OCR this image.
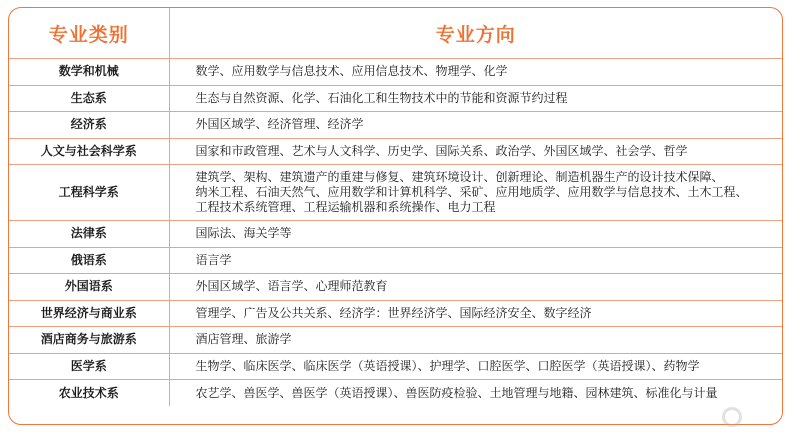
专业类别	专业方向
数学和机械	数学、应用数学与信息技术、应用信息技术、物理学、化学

生态系	生态与自然资源、化学、石油化工和生物技术中的节能和资源节约过程

经济系	外国区域学、经济管理、经济学

人文与社会科学系	国家和市政管理、艺术与人文科学、历史学、国际关系、政治学、外国区域学、社会学、哲学

工程科学系	建筑学、架构、建筑遗产的重建与修复、建筑环境设计、创新理论、制造机器生产的设计技术保障、
纳米工程、石油天然气、应用数学和计算机科学、采矿、应用地质学、应用数学与信息技术、土木工程、
工程技术系统管理、工程运输机器和系统操作、电力工程

法律系	国际法、海关学等

俄语系	语言学

外国语系	外国区域学、语言学、心理师范教育

世界经济与商业系	管理学、广告及公共关系、经济学：世界经济学、国际经济安全、数字经济

酒店商务与旅游系	酒店管理、旅游学

医学系	生物学、临床医学、临床医学（英语授课）、护理学、口腔医学、口腔医学（英语授课）、药物学

农业技术系	农艺学、兽医学、兽医学（英语授课）、兽医防疫检验、土地管理与地籍、园林建筑、标准化与计量
